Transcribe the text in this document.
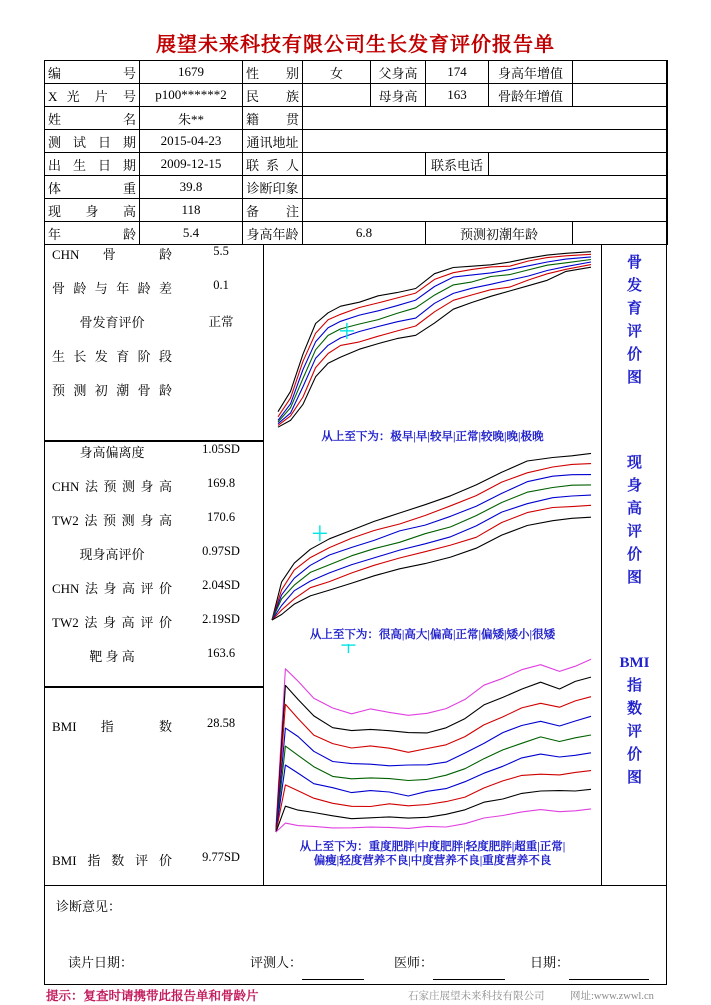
展望未来科技有限公司生长发育评价报告单
编 号	1679	性 别	女	父身高	174	身高年增值	
X 光 片 号	p100******2	民 族		母身高	163	骨龄年增值	
姓 名	朱**	籍 贯					
测 试 日 期	2015-04-23	通讯地址					
出 生 日 期	2009-12-15	联 系 人			联系电话		
体 重	39.8	诊断印象					
现 身 高	118	备 注					
年 龄	5.4	身高年龄	6.8		预测初潮年龄		
CHN 骨 龄	5.5
骨龄与年龄差	0.1
骨发育评价	正常
生长发育阶段
预测初潮骨龄
身高偏离度	1.05SD
CHN法预测身高	169.8
TW2法预测身高	170.6
现身高评价	0.97SD
CHN法身高评价	2.04SD
TW2法身高评价	2.19SD
靶 身 高	163.6
BMI 指 数	28.58
BMI指数评价	9.77SD
从上至下为：极早|早|较早|正常|较晚|晚|极晚
从上至下为：很高|高大|偏高|正常|偏矮|矮小|很矮
从上至下为：重度肥胖|中度肥胖|轻度肥胖|超重|正常|
偏瘦|轻度营养不良|中度营养不良|重度营养不良
骨
发
育
评
价
图
现
身
高
评
价
图
BMI
指
数
评
价
图
诊断意见：
读片日期：	评测人：	医师：	日期：
提示：复查时请携带此报告单和骨龄片	石家庄展望未来科技有限公司 网址:www.zwwl.cn
